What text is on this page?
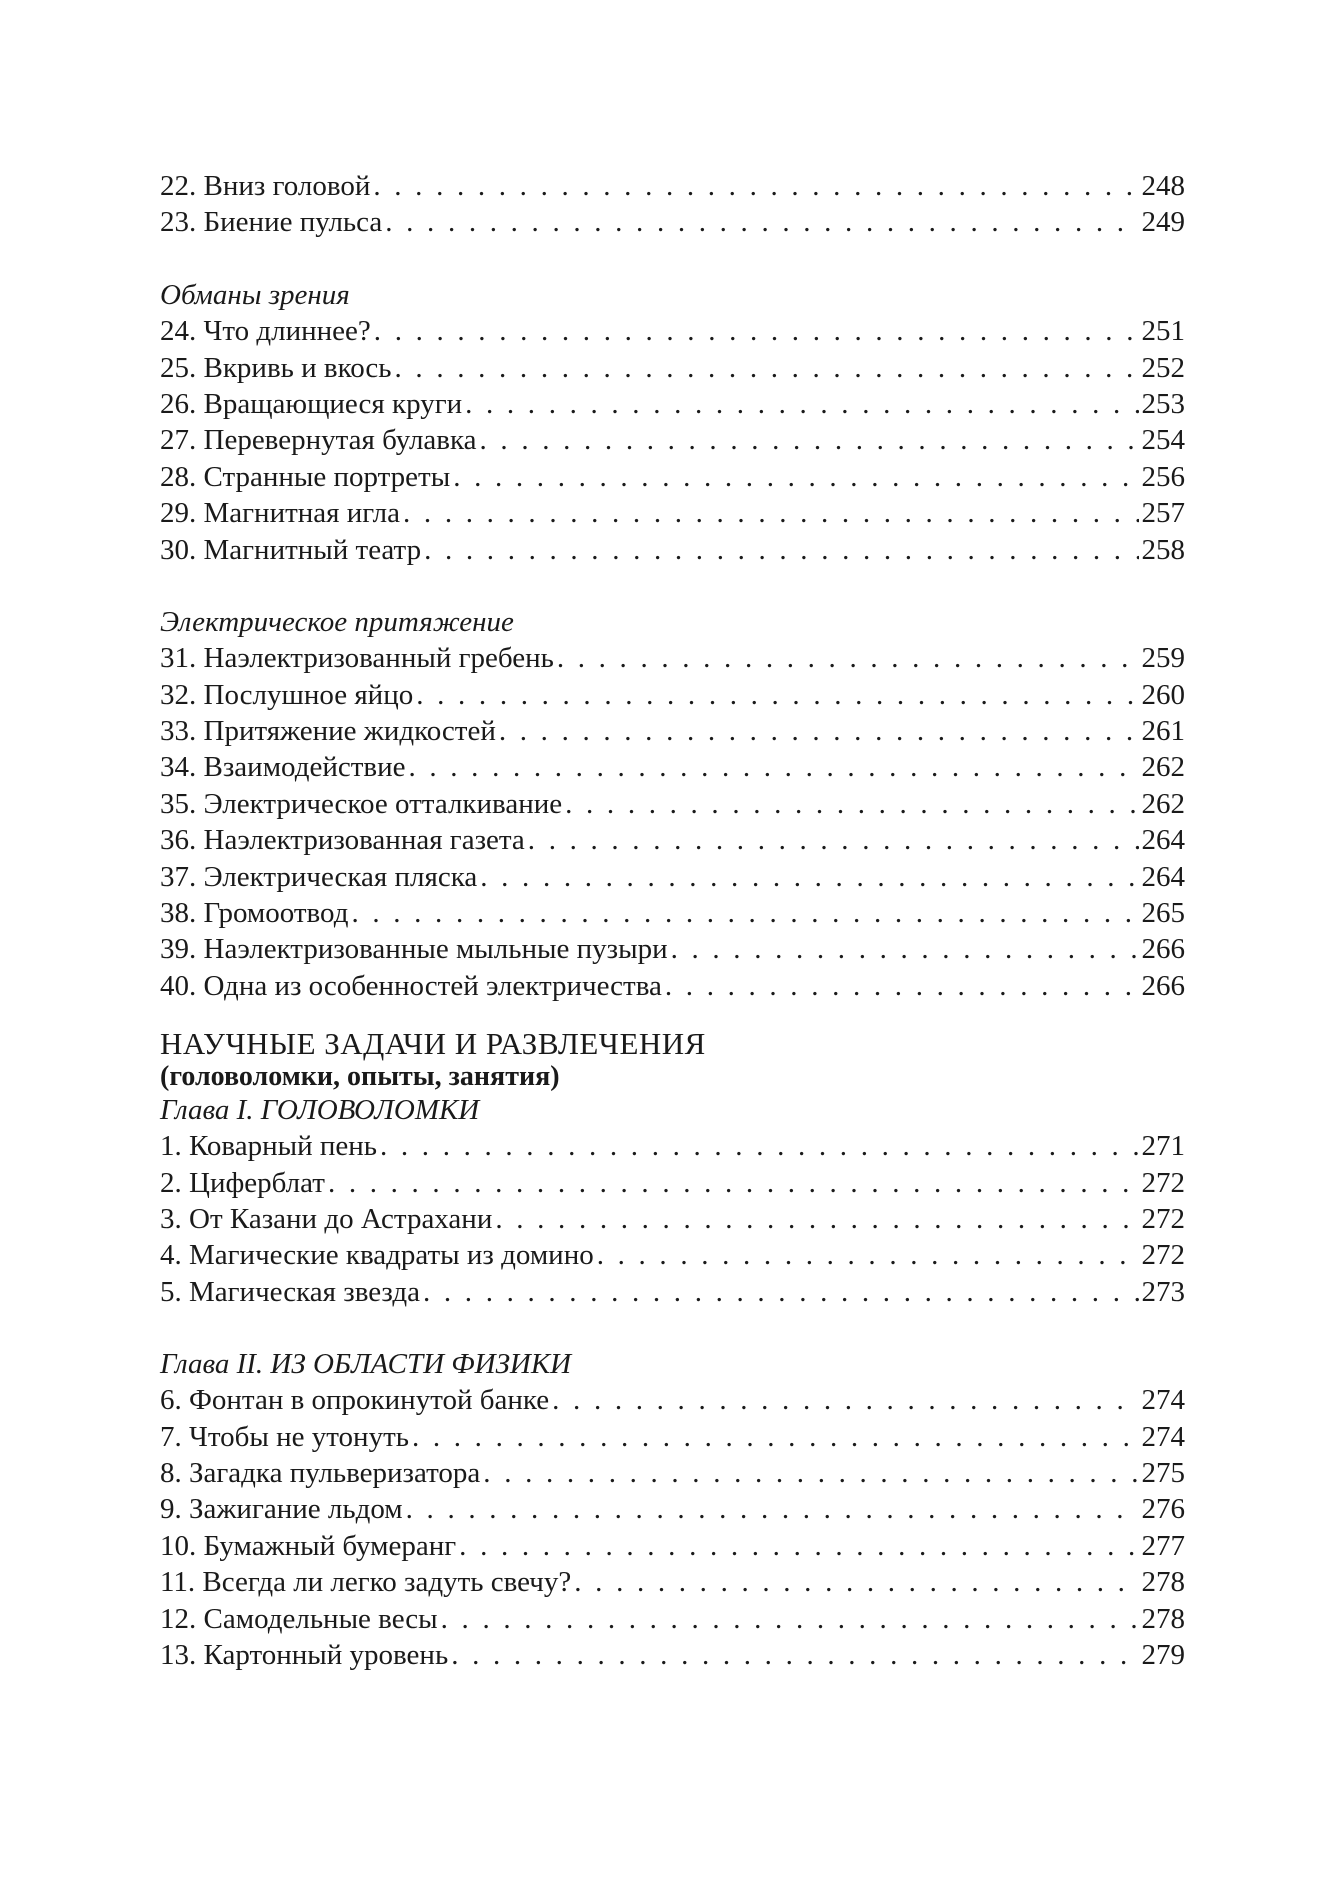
22. Вниз головой . . .	248
23. Биение пульса . . .	249
Обманы зрения
24. Что длиннее? . . .	251
25. Вкривь и вкось . . .	252
26. Вращающиеся круги . . .	253
27. Перевернутая булавка . . .	254
28. Странные портреты . . .	256
29. Магнитная игла . . .	257
30. Магнитный театр . . .	258
Электрическое притяжение
31. Наэлектризованный гребень . . .	259
32. Послушное яйцо . . .	260
33. Притяжение жидкостей . . .	261
34. Взаимодействие . . .	262
35. Электрическое отталкивание . . .	262
36. Наэлектризованная газета . . .	264
37. Электрическая пляска . . .	264
38. Громоотвод . . .	265
39. Наэлектризованные мыльные пузыри . . .	266
40. Одна из особенностей электричества . . .	266
НАУЧНЫЕ ЗАДАЧИ И РАЗВЛЕЧЕНИЯ
(головоломки, опыты, занятия)
Глава I. ГОЛОВОЛОМКИ
1. Коварный пень . . .	271
2. Циферблат . . .	272
3. От Казани до Астрахани . . .	272
4. Магические квадраты из домино . . .	272
5. Магическая звезда . . .	273
Глава II. ИЗ ОБЛАСТИ ФИЗИКИ
6. Фонтан в опрокинутой банке . . .	274
7. Чтобы не утонуть . . .	274
8. Загадка пульверизатора . . .	275
9. Зажигание льдом . . .	276
10. Бумажный бумеранг . . .	277
11. Всегда ли легко задуть свечу? . . .	278
12. Самодельные весы . . .	278
13. Картонный уровень . . .	279
